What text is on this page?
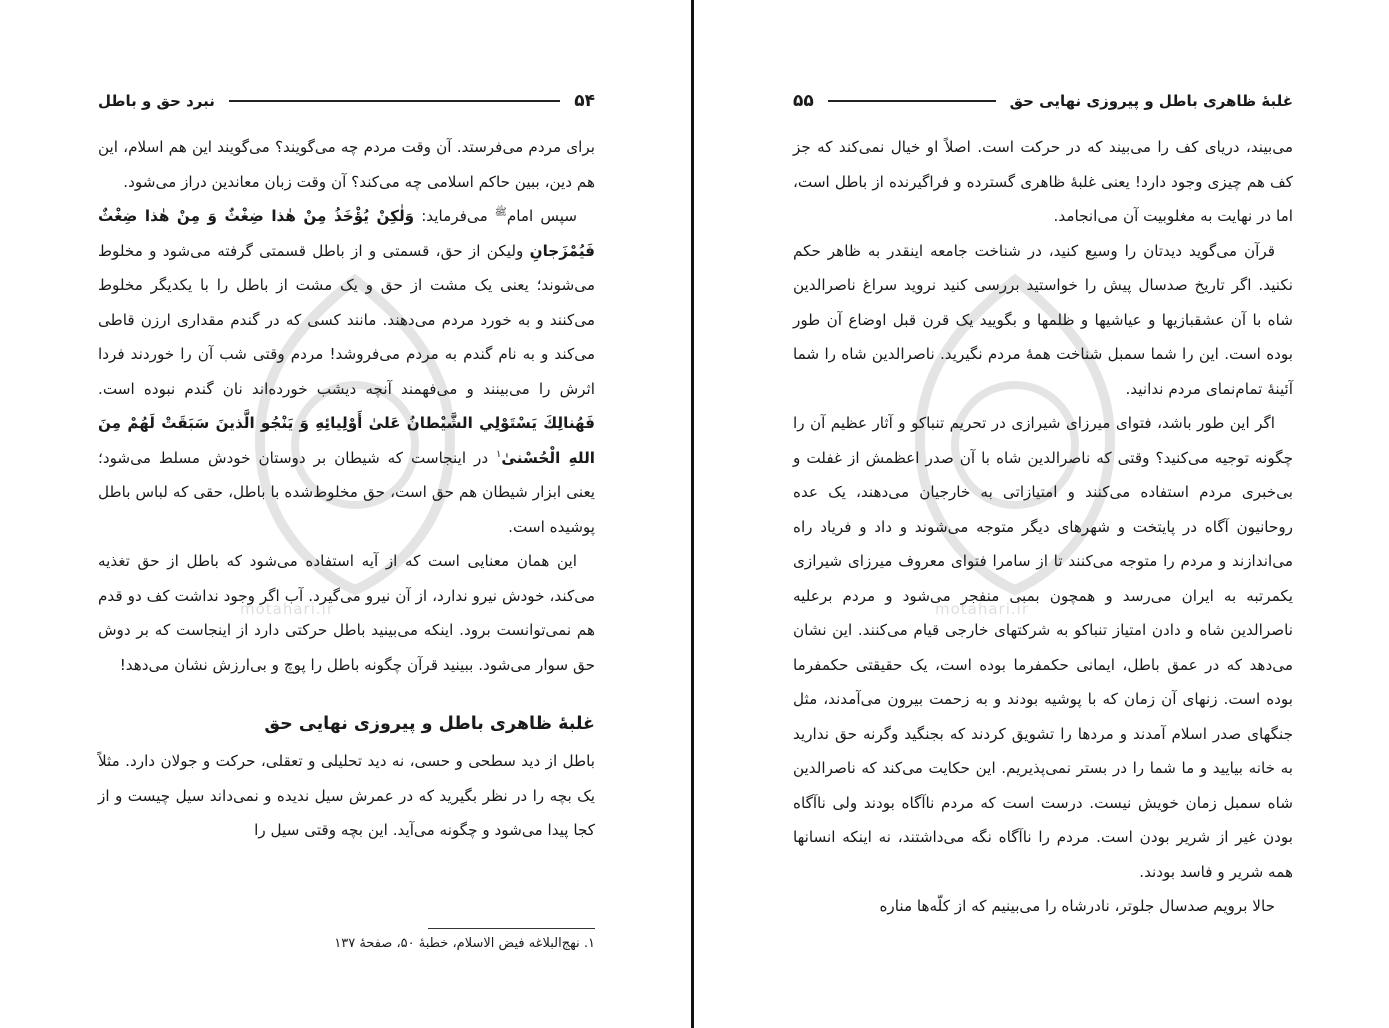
۵۴
نبرد حق و باطل
motahari.ir

برای مردم می‌فرستد. آن وقت مردم چه می‌گویند؟ می‌گویند این هم اسلام، این هم دین، ببین حاکم اسلامی چه می‌کند؟ آن وقت زبان معاندین دراز می‌شود.

سپس امام$^ﷺ$ می‌فرماید: وَلٰكِنْ يُؤْخَذُ مِنْ هٰذا ضِغْثٌ وَ مِنْ هٰذا ضِغْثٌ فَيُمْزَجانِ ولیکن از حق، قسمتی و از باطل قسمتی گرفته می‌شود و مخلوط می‌شوند؛ یعنی یک مشت از حق و یک مشت از باطل را با یکدیگر مخلوط می‌کنند و به خورد مردم می‌دهند. مانند کسی که در گندم مقداری ارزن قاطی می‌کند و به نام گندم به مردم می‌فروشد! مردم وقتی شب آن را خوردند فردا اثرش را می‌بینند و می‌فهمند آنچه دیشب خورده‌اند نان گندم نبوده است. فَهُنالِكَ يَسْتَوْلِي الشَّيْطانُ عَلىٰ أَوْلِيائِهِ وَ يَنْجُو الَّذينَ سَبَقَتْ لَهُمْ مِنَ اللهِ الْحُسْنىٰ$^۱$ در اینجاست که شیطان بر دوستان خودش مسلط می‌شود؛ یعنی ابزار شیطان هم حق است، حق مخلوط‌شده با باطل، حقی که لباس باطل پوشیده است.

این همان معنایی است که از آیه استفاده می‌شود که باطل از حق تغذیه می‌کند، خودش نیرو ندارد، از آن نیرو می‌گیرد. آب اگر وجود نداشت کف دو قدم هم نمی‌توانست برود. اینکه می‌بینید باطل حرکتی دارد از اینجاست که بر دوش حق سوار می‌شود. ببینید قرآن چگونه باطل را پوچ و بی‌ارزش نشان می‌دهد!

غلبهٔ ظاهری باطل و پیروزی نهایی حق

باطل از دید سطحی و حسی، نه دید تحلیلی و تعقلی، حرکت و جولان دارد. مثلاً یک بچه را در نظر بگیرید که در عمرش سیل ندیده و نمی‌داند سیل چیست و از کجا پیدا می‌شود و چگونه می‌آید. این بچه وقتی سیل را

۱. نهج‌البلاغه فیض الاسلام، خطبهٔ ۵۰، صفحهٔ ۱۳۷
غلبهٔ ظاهری باطل و پیروزی نهایی حق
۵۵
motahari.ir

می‌بیند، دریای کف را می‌بیند که در حرکت است. اصلاً او خیال نمی‌کند که جز کف هم چیزی وجود دارد! یعنی غلبهٔ ظاهری گسترده و فراگیرنده از باطل است، اما در نهایت به مغلوبیت آن می‌انجامد.

قرآن می‌گوید دیدتان را وسیع کنید، در شناخت جامعه اینقدر به ظاهر حکم نکنید. اگر تاریخ صدسال پیش را خواستید بررسی کنید نروید سراغ ناصرالدین شاه با آن عشقبازیها و عیاشیها و ظلمها و بگویید یک قرن قبل اوضاع آن طور بوده است. این را شما سمبل شناخت همهٔ مردم نگیرید. ناصرالدین شاه را شما آئینهٔ تمام‌نمای مردم ندانید.

اگر این طور باشد، فتوای میرزای شیرازی در تحریم تنباکو و آثار عظیم آن را چگونه توجیه می‌کنید؟ وقتی که ناصرالدین شاه با آن صدر اعظمش از غفلت و بی‌خبری مردم استفاده می‌کنند و امتیازاتی به خارجیان می‌دهند، یک عده روحانیون آگاه در پایتخت و شهرهای دیگر متوجه می‌شوند و داد و فریاد راه می‌اندازند و مردم را متوجه می‌کنند تا از سامرا فتوای معروف میرزای شیرازی یکمرتبه به ایران می‌رسد و همچون بمبی منفجر می‌شود و مردم برعلیه ناصرالدین شاه و دادن امتیاز تنباکو به شرکتهای خارجی قیام می‌کنند. این نشان می‌دهد که در عمق باطل، ایمانی حکمفرما بوده است، یک حقیقتی حکمفرما بوده است. زنهای آن زمان که با پوشیه بودند و به زحمت بیرون می‌آمدند، مثل جنگهای صدر اسلام آمدند و مردها را تشویق کردند که بجنگید وگرنه حق ندارید به خانه بیایید و ما شما را در بستر نمی‌پذیریم. این حکایت می‌کند که ناصرالدین شاه سمبل زمان خویش نیست. درست است که مردم ناآگاه بودند ولی ناآگاه بودن غیر از شریر بودن است. مردم را ناآگاه نگه می‌داشتند، نه اینکه انسانها همه شریر و فاسد بودند.

حالا برویم صدسال جلوتر، نادرشاه را می‌بینیم که از کلّه‌ها مناره
